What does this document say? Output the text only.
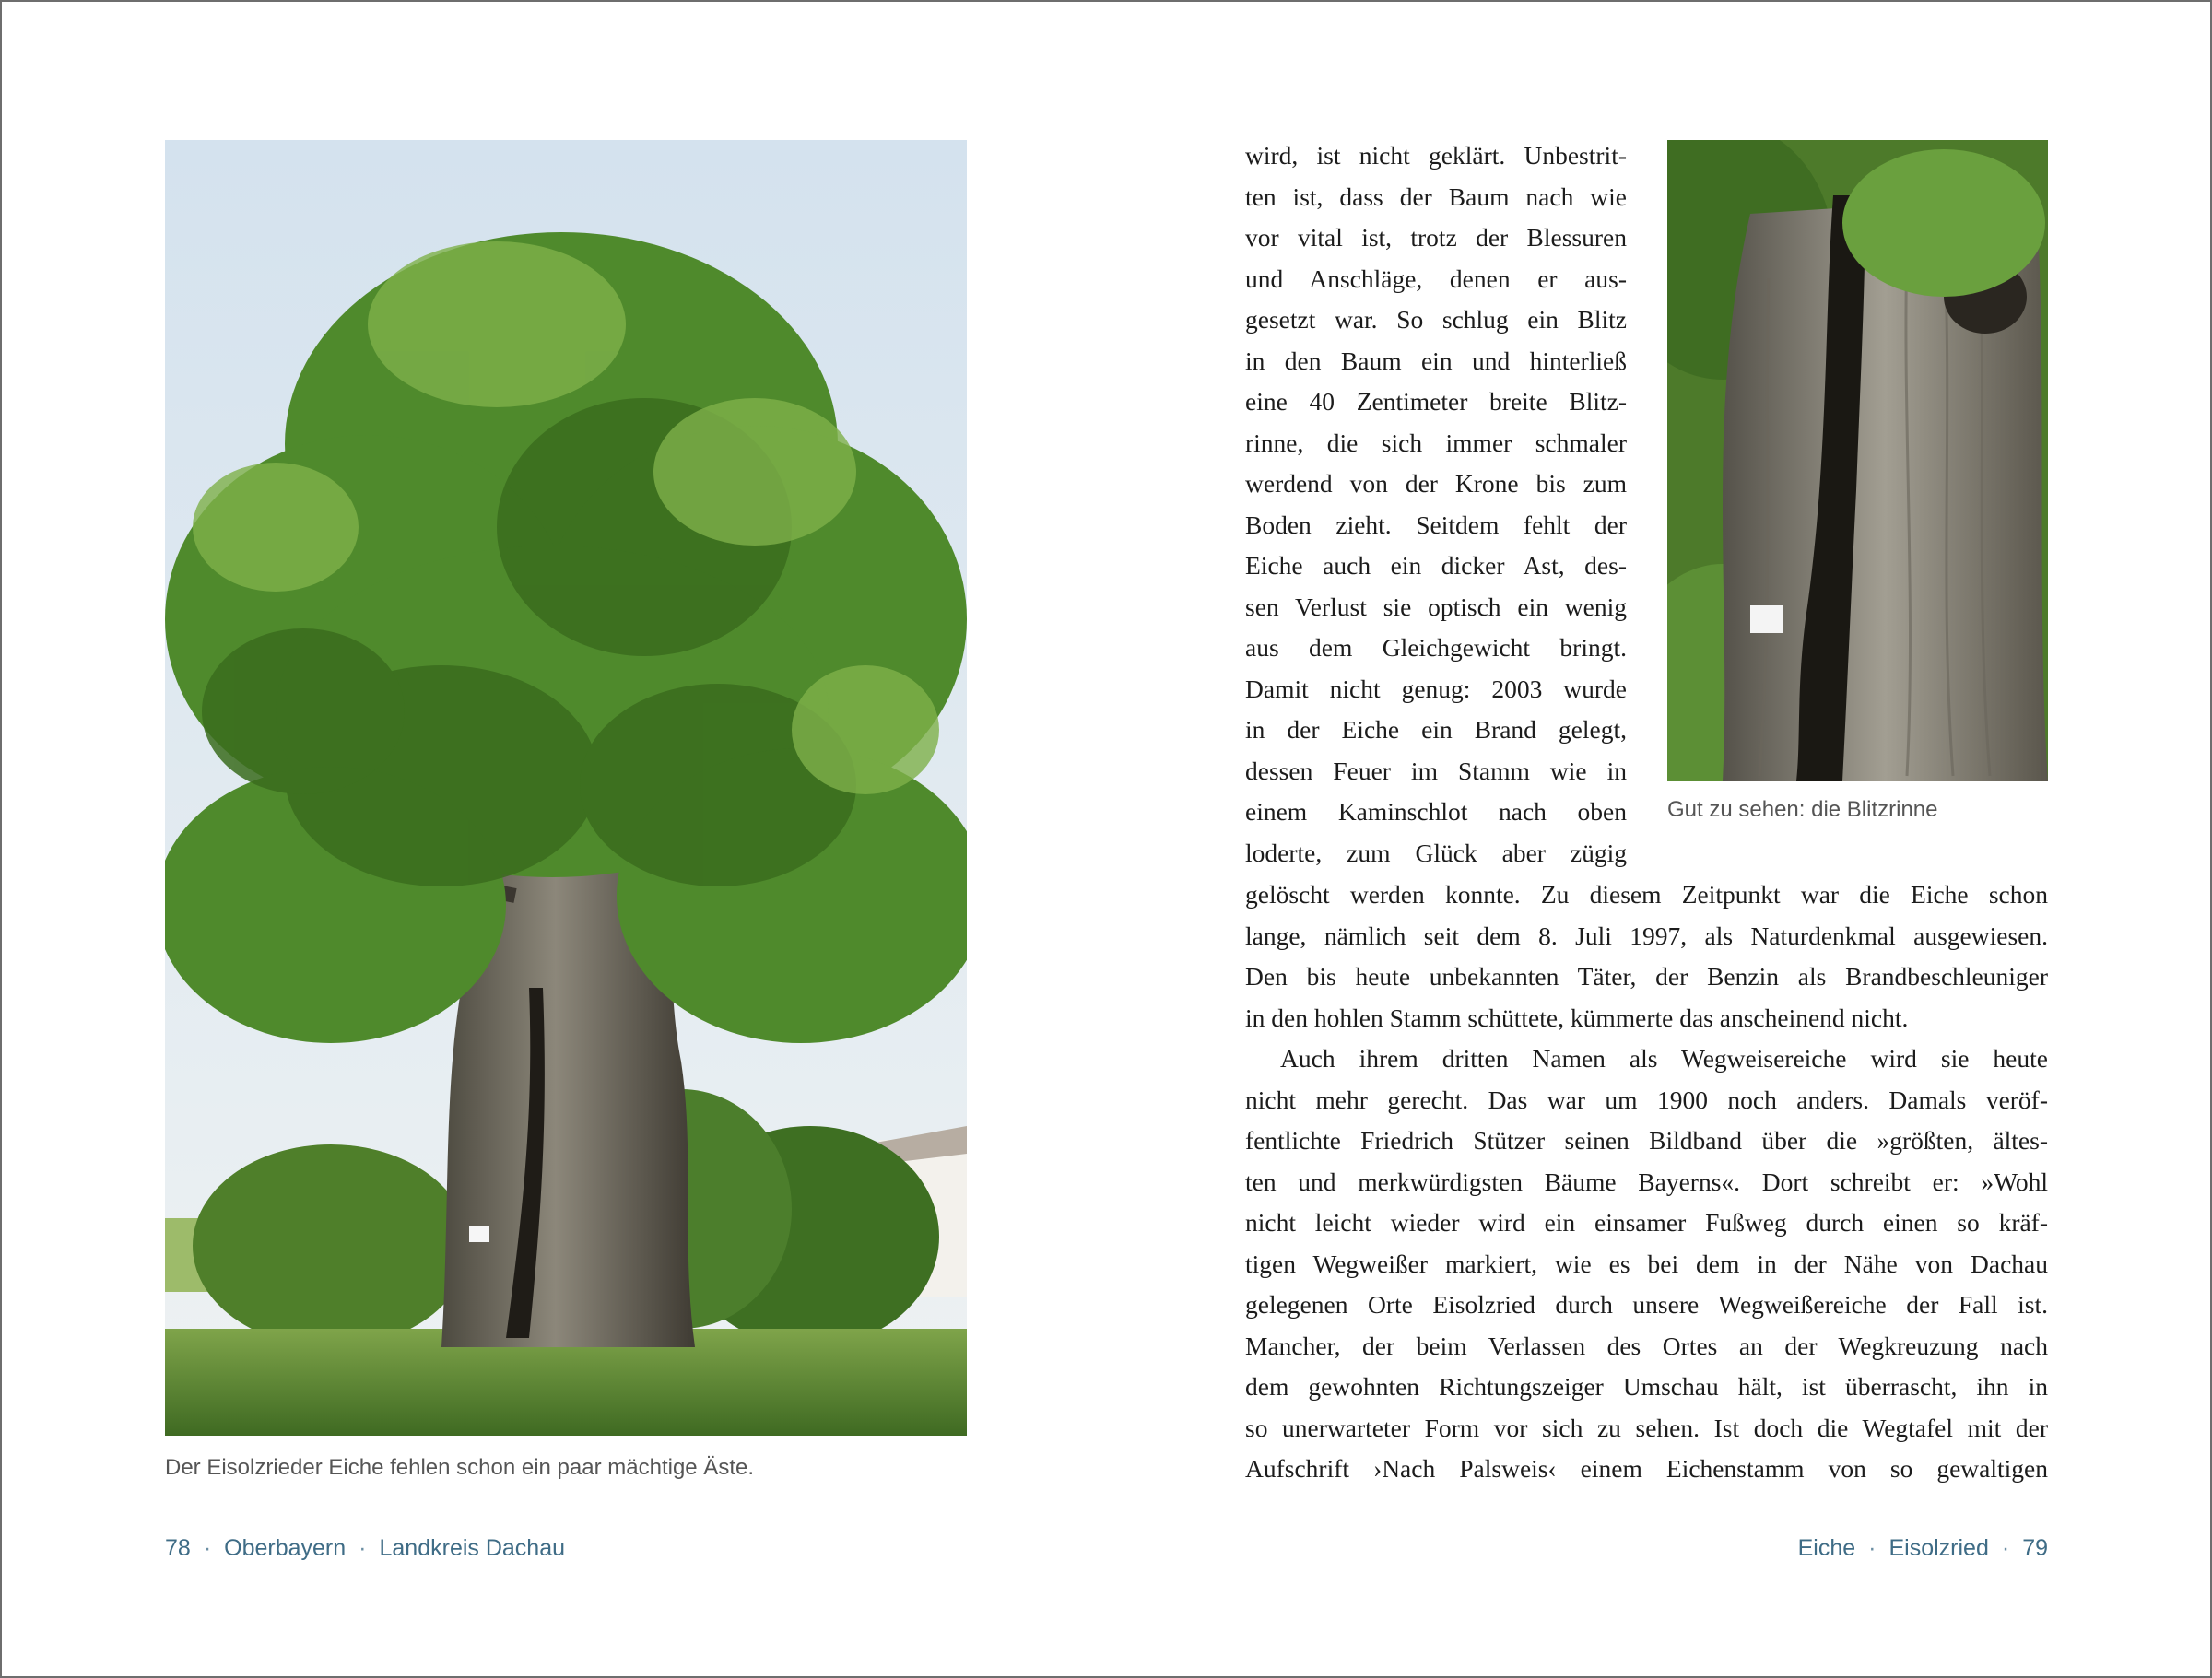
Der Eisolzrieder Eiche fehlen schon ein paar mächtige Äste.
78 · Oberbayern · Landkreis Dachau
wird, ist nicht geklärt. Unbestrit-
ten ist, dass der Baum nach wie
vor vital ist, trotz der Blessuren
und Anschläge, denen er aus-
gesetzt war. So schlug ein Blitz
in den Baum ein und hinterließ
eine 40 Zentimeter breite Blitz-
rinne, die sich immer schmaler
werdend von der Krone bis zum
Boden zieht. Seitdem fehlt der
Eiche auch ein dicker Ast, des-
sen Verlust sie optisch ein wenig
aus dem Gleichgewicht bringt.
Damit nicht genug: 2003 wurde
in der Eiche ein Brand gelegt,
dessen Feuer im Stamm wie in
einem Kaminschlot nach oben
loderte, zum Glück aber zügig
Gut zu sehen: die Blitzrinne
gelöscht werden konnte. Zu diesem Zeitpunkt war die Eiche schon
lange, nämlich seit dem 8. Juli 1997, als Naturdenkmal ausgewiesen.
Den bis heute unbekannten Täter, der Benzin als Brandbeschleuniger
in den hohlen Stamm schüttete, kümmerte das anscheinend nicht.
Auch ihrem dritten Namen als Wegweisereiche wird sie heute
nicht mehr gerecht. Das war um 1900 noch anders. Damals veröf-
fentlichte Friedrich Stützer seinen Bildband über die »größten, ältes-
ten und merkwürdigsten Bäume Bayerns«. Dort schreibt er: »Wohl
nicht leicht wieder wird ein einsamer Fußweg durch einen so kräf-
tigen Wegweißer markiert, wie es bei dem in der Nähe von Dachau
gelegenen Orte Eisolzried durch unsere Wegweißereiche der Fall ist.
Mancher, der beim Verlassen des Ortes an der Wegkreuzung nach
dem gewohnten Richtungszeiger Umschau hält, ist überrascht, ihn in
so unerwarteter Form vor sich zu sehen. Ist doch die Wegtafel mit der
Aufschrift ›Nach Palsweis‹ einem Eichenstamm von so gewaltigen
Eiche · Eisolzried · 79
